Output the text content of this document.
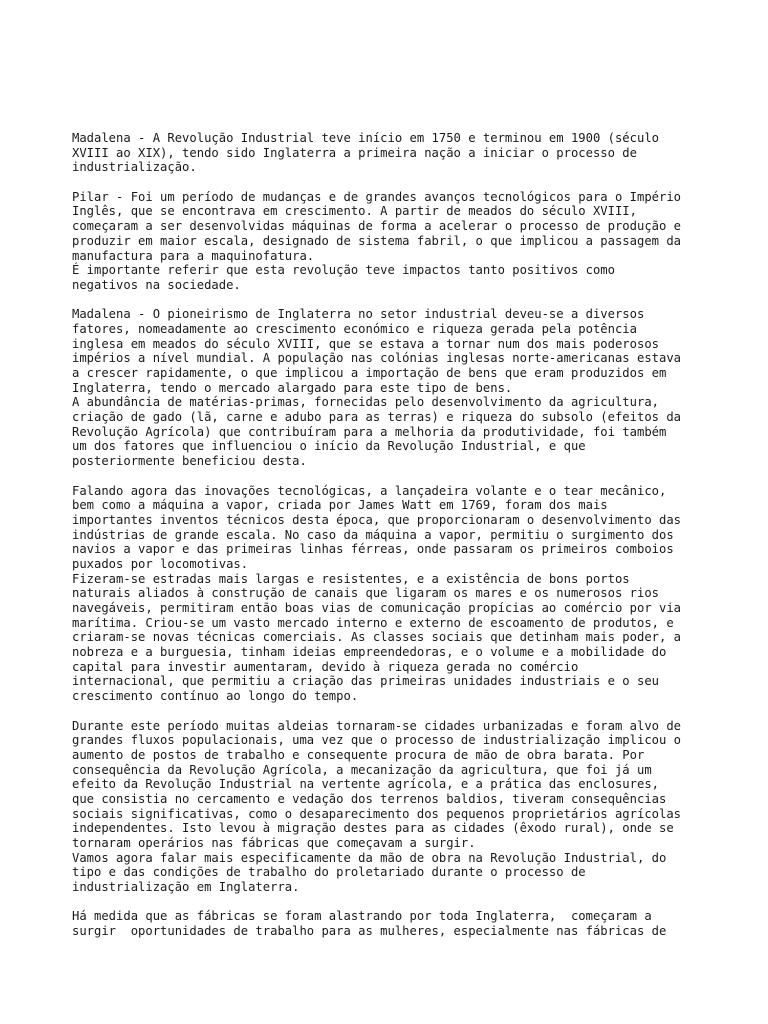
Madalena - A Revolução Industrial teve início em 1750 e terminou em 1900 (século
XVIII ao XIX), tendo sido Inglaterra a primeira nação a iniciar o processo de
industrialização.
Pilar - Foi um período de mudanças e de grandes avanços tecnológicos para o Império
Inglês, que se encontrava em crescimento. A partir de meados do século XVIII,
começaram a ser desenvolvidas máquinas de forma a acelerar o processo de produção e
produzir em maior escala, designado de sistema fabril, o que implicou a passagem da
manufactura para a maquinofatura.
É importante referir que esta revolução teve impactos tanto positivos como
negativos na sociedade.
Madalena - O pioneirismo de Inglaterra no setor industrial deveu-se a diversos
fatores, nomeadamente ao crescimento económico e riqueza gerada pela potência
inglesa em meados do século XVIII, que se estava a tornar num dos mais poderosos
impérios a nível mundial. A população nas colónias inglesas norte-americanas estava
a crescer rapidamente, o que implicou a importação de bens que eram produzidos em
Inglaterra, tendo o mercado alargado para este tipo de bens.
A abundância de matérias-primas, fornecidas pelo desenvolvimento da agricultura,
criação de gado (lã, carne e adubo para as terras) e riqueza do subsolo (efeitos da
Revolução Agrícola) que contribuíram para a melhoria da produtividade, foi também
um dos fatores que influenciou o início da Revolução Industrial, e que
posteriormente beneficiou desta.
Falando agora das inovações tecnológicas, a lançadeira volante e o tear mecânico,
bem como a máquina a vapor, criada por James Watt em 1769, foram dos mais
importantes inventos técnicos desta época, que proporcionaram o desenvolvimento das
indústrias de grande escala. No caso da máquina a vapor, permitiu o surgimento dos
navios a vapor e das primeiras linhas férreas, onde passaram os primeiros comboios
puxados por locomotivas.
Fizeram-se estradas mais largas e resistentes, e a existência de bons portos
naturais aliados à construção de canais que ligaram os mares e os numerosos rios
navegáveis, permitiram então boas vias de comunicação propícias ao comércio por via
marítima. Criou-se um vasto mercado interno e externo de escoamento de produtos, e
criaram-se novas técnicas comerciais. As classes sociais que detinham mais poder, a
nobreza e a burguesia, tinham ideias empreendedoras, e o volume e a mobilidade do
capital para investir aumentaram, devido à riqueza gerada no comércio
internacional, que permitiu a criação das primeiras unidades industriais e o seu
crescimento contínuo ao longo do tempo.
Durante este período muitas aldeias tornaram-se cidades urbanizadas e foram alvo de
grandes fluxos populacionais, uma vez que o processo de industrialização implicou o
aumento de postos de trabalho e consequente procura de mão de obra barata. Por
consequência da Revolução Agrícola, a mecanização da agricultura, que foi já um
efeito da Revolução Industrial na vertente agrícola, e a prática das enclosures,
que consistia no cercamento e vedação dos terrenos baldios, tiveram consequências
sociais significativas, como o desaparecimento dos pequenos proprietários agrícolas
independentes. Isto levou à migração destes para as cidades (êxodo rural), onde se
tornaram operários nas fábricas que começavam a surgir.
Vamos agora falar mais especificamente da mão de obra na Revolução Industrial, do
tipo e das condições de trabalho do proletariado durante o processo de
industrialização em Inglaterra.
Há medida que as fábricas se foram alastrando por toda Inglaterra,  começaram a
surgir  oportunidades de trabalho para as mulheres, especialmente nas fábricas de
